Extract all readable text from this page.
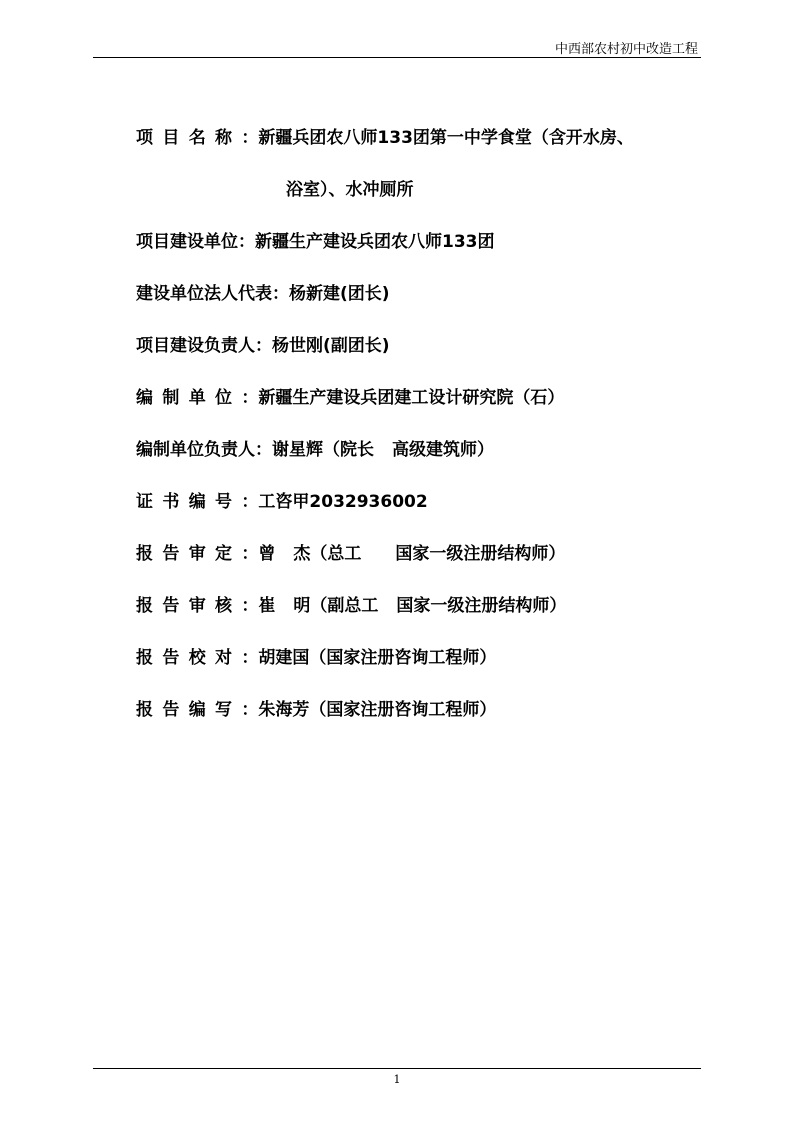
中西部农村初中改造工程
项目名称：新疆兵团农八师133团第一中学食堂（含开水房、
浴室）、水冲厕所
项目建设单位：新疆生产建设兵团农八师133团
建设单位法人代表：杨新建(团长)
项目建设负责人：杨世刚(副团长)
编制单位：新疆生产建设兵团建工设计研究院（石）
编制单位负责人：谢星辉（院长 高级建筑师）
证书编号：工咨甲2032936002
报告审定：曾 杰（总工 国家一级注册结构师）
报告审核：崔 明（副总工 国家一级注册结构师）
报告校对：胡建国（国家注册咨询工程师）
报告编写：朱海芳（国家注册咨询工程师）
1
